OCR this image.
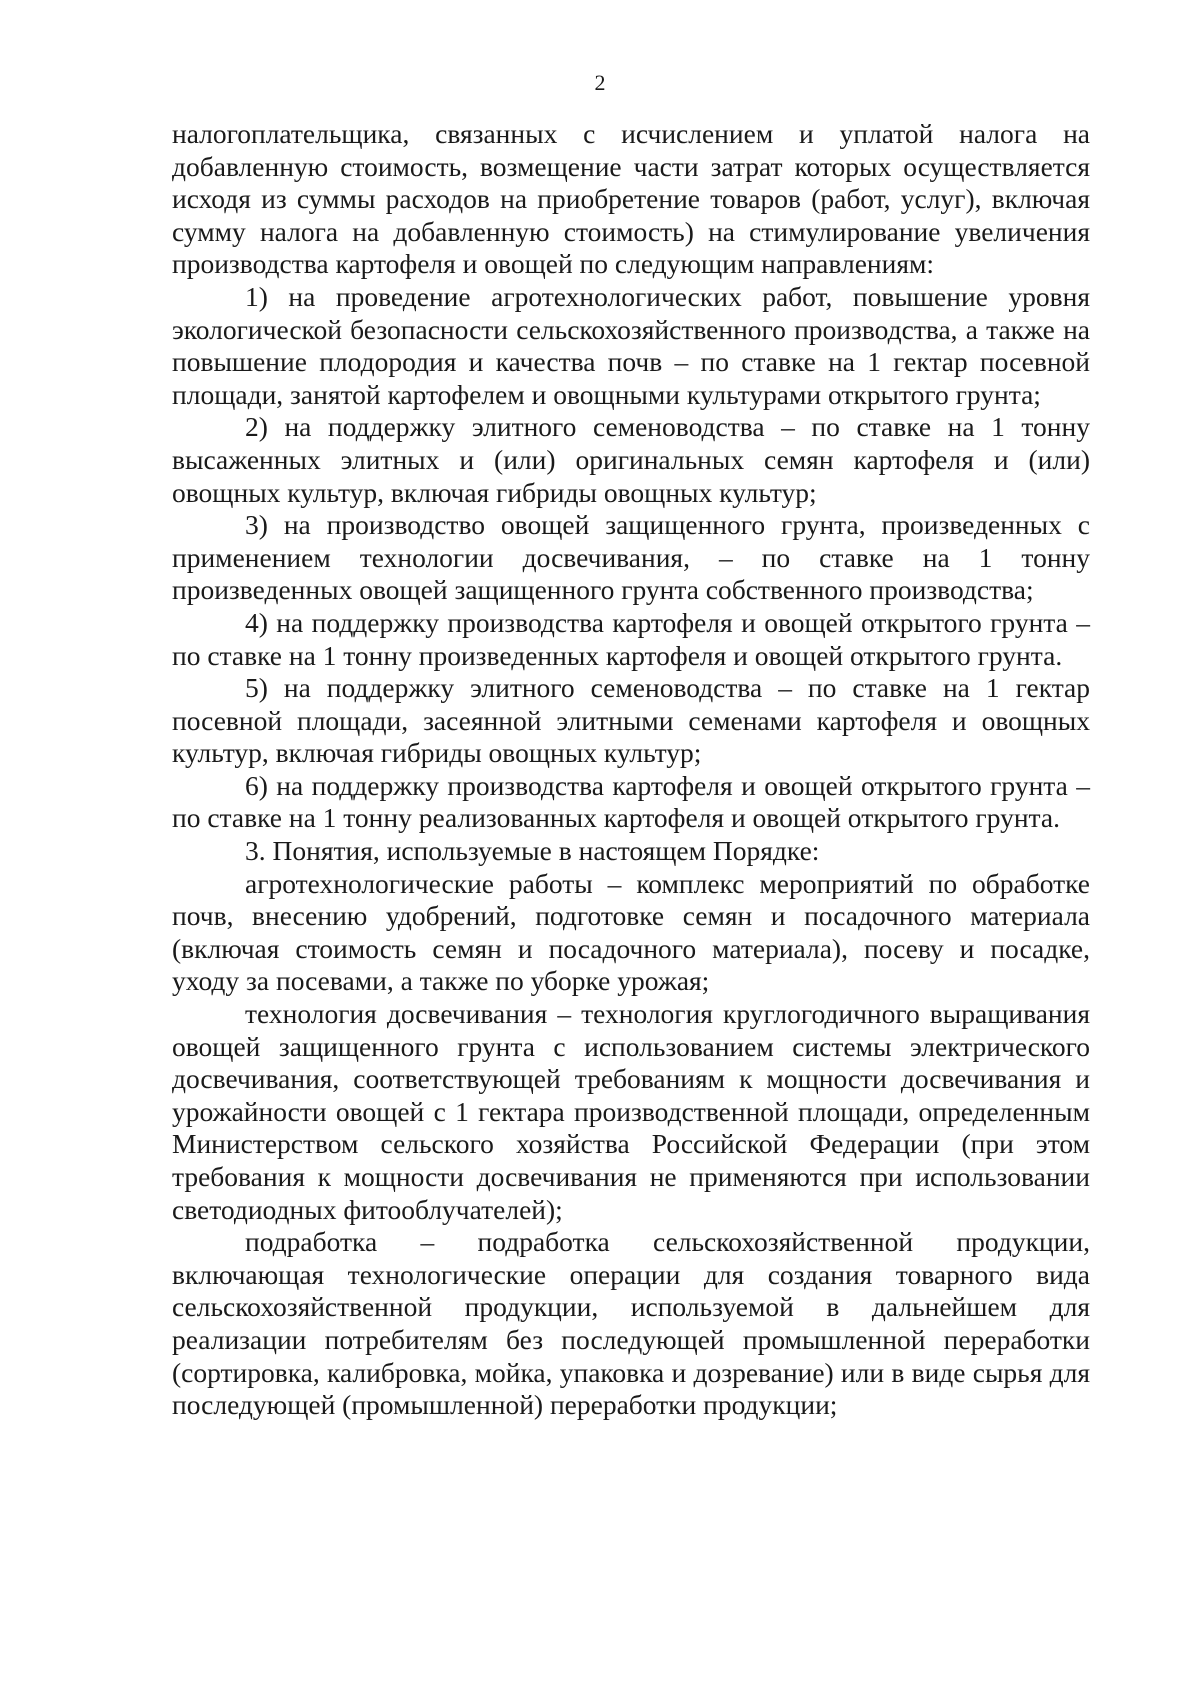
2

налогоплательщика, связанных с исчислением и уплатой налога на добавленную стоимость, возмещение части затрат которых осуществляется исходя из суммы расходов на приобретение товаров (работ, услуг), включая сумму налога на добавленную стоимость) на стимулирование увеличения производства картофеля и овощей по следующим направлениям:

1) на проведение агротехнологических работ, повышение уровня экологической безопасности сельскохозяйственного производства, а также на повышение плодородия и качества почв – по ставке на 1 гектар посевной площади, занятой картофелем и овощными культурами открытого грунта;

2) на поддержку элитного семеноводства – по ставке на 1 тонну высаженных элитных и (или) оригинальных семян картофеля и (или) овощных культур, включая гибриды овощных культур;

3) на производство овощей защищенного грунта, произведенных с применением технологии досвечивания, – по ставке на 1 тонну произведенных овощей защищенного грунта собственного производства;

4) на поддержку производства картофеля и овощей открытого грунта – по ставке на 1 тонну произведенных картофеля и овощей открытого грунта.

5) на поддержку элитного семеноводства – по ставке на 1 гектар посевной площади, засеянной элитными семенами картофеля и овощных культур, включая гибриды овощных культур;

6) на поддержку производства картофеля и овощей открытого грунта – по ставке на 1 тонну реализованных картофеля и овощей открытого грунта.

3. Понятия, используемые в настоящем Порядке:

агротехнологические работы – комплекс мероприятий по обработке почв, внесению удобрений, подготовке семян и посадочного материала (включая стоимость семян и посадочного материала), посеву и посадке, уходу за посевами, а также по уборке урожая;

технология досвечивания – технология круглогодичного выращивания овощей защищенного грунта с использованием системы электрического досвечивания, соответствующей требованиям к мощности досвечивания и урожайности овощей с 1 гектара производственной площади, определенным Министерством сельского хозяйства Российской Федерации (при этом требования к мощности досвечивания не применяются при использовании светодиодных фитооблучателей);

подработка – подработка сельскохозяйственной продукции, включающая технологические операции для создания товарного вида сельскохозяйственной продукции, используемой в дальнейшем для реализации потребителям без последующей промышленной переработки (сортировка, калибровка, мойка, упаковка и дозревание) или в виде сырья для последующей (промышленной) переработки продукции;
